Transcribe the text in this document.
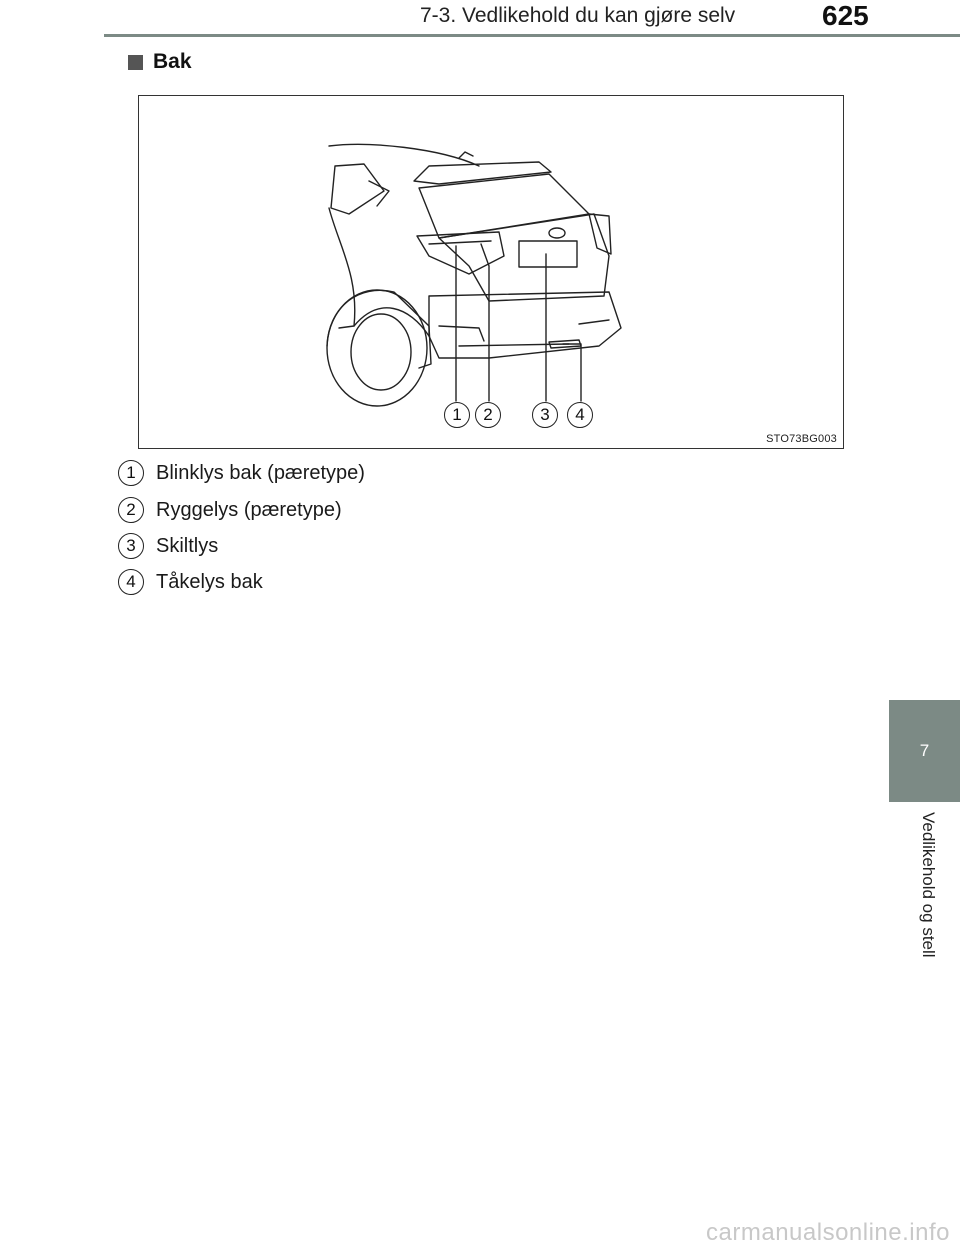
7-3. Vedlikehold du kan gjøre selv	625
Bak
1 2	3 4
STO73BG003
1	Blinklys bak (pæretype)
2	Ryggelys (pæretype)
3	Skiltlys
4	Tåkelys bak
7
Vedlikehold og stell
carmanualsonline.info
